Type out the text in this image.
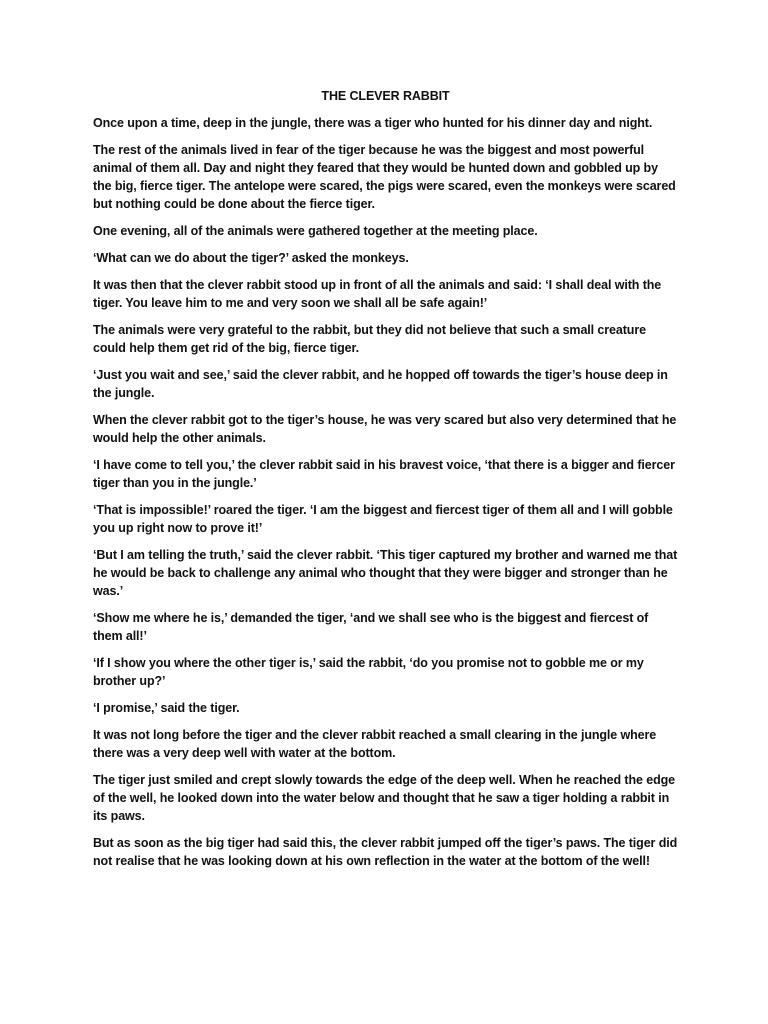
THE CLEVER RABBIT

Once upon a time, deep in the jungle, there was a tiger who hunted for his dinner day and night.

The rest of the animals lived in fear of the tiger because he was the biggest and most powerful animal of them all. Day and night they feared that they would be hunted down and gobbled up by the big, fierce tiger. The antelope were scared, the pigs were scared, even the monkeys were scared but nothing could be done about the fierce tiger.

One evening, all of the animals were gathered together at the meeting place.

‘What can we do about the tiger?’ asked the monkeys.

It was then that the clever rabbit stood up in front of all the animals and said: ‘I shall deal with the tiger. You leave him to me and very soon we shall all be safe again!’

The animals were very grateful to the rabbit, but they did not believe that such a small creature could help them get rid of the big, fierce tiger.

‘Just you wait and see,’ said the clever rabbit, and he hopped off towards the tiger’s house deep in the jungle.

When the clever rabbit got to the tiger’s house, he was very scared but also very determined that he would help the other animals.

‘I have come to tell you,’ the clever rabbit said in his bravest voice, ‘that there is a bigger and fiercer tiger than you in the jungle.’

‘That is impossible!’ roared the tiger. ‘I am the biggest and fiercest tiger of them all and I will gobble you up right now to prove it!’

‘But I am telling the truth,’ said the clever rabbit. ‘This tiger captured my brother and warned me that he would be back to challenge any animal who thought that they were bigger and stronger than he was.’

‘Show me where he is,’ demanded the tiger, ‘and we shall see who is the biggest and fiercest of them all!’

‘If I show you where the other tiger is,’ said the rabbit, ‘do you promise not to gobble me or my brother up?’

‘I promise,’ said the tiger.

It was not long before the tiger and the clever rabbit reached a small clearing in the jungle where there was a very deep well with water at the bottom.

The tiger just smiled and crept slowly towards the edge of the deep well. When he reached the edge of the well, he looked down into the water below and thought that he saw a tiger holding a rabbit in its paws.

But as soon as the big tiger had said this, the clever rabbit jumped off the tiger’s paws. The tiger did not realise that he was looking down at his own reflection in the water at the bottom of the well!
